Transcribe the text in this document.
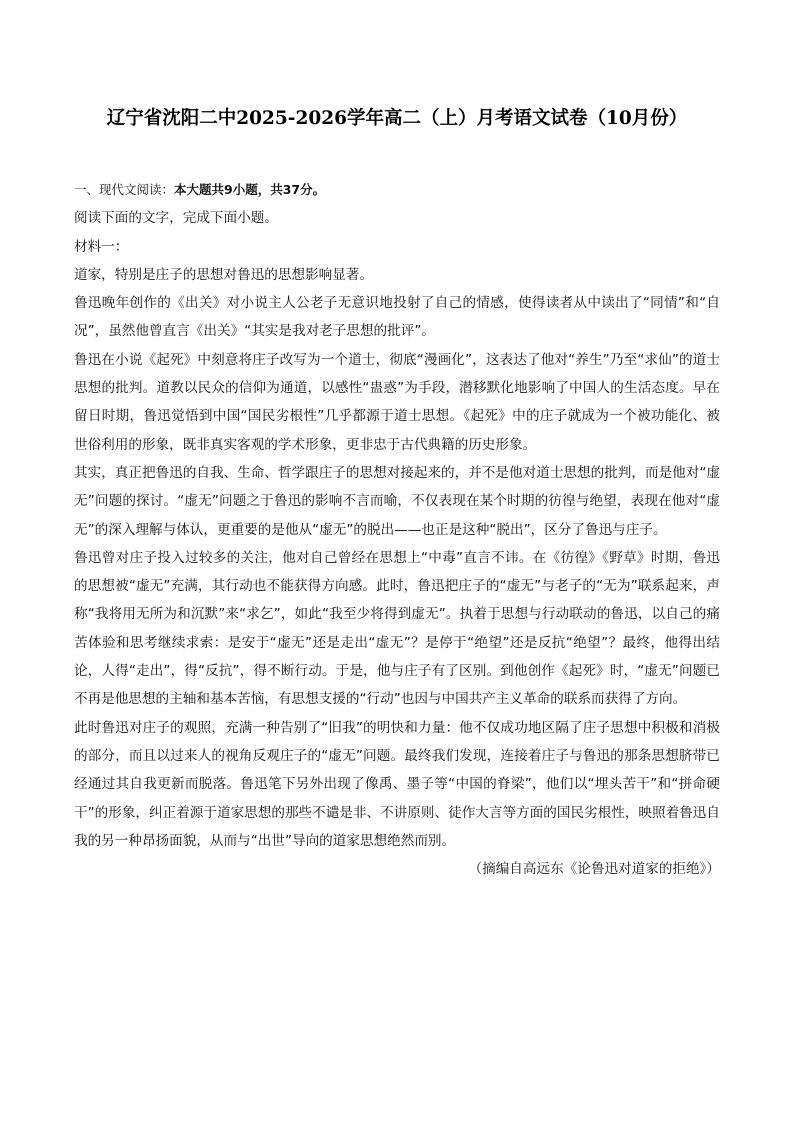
辽宁省沈阳二中2025-2026学年高二（上）月考语文试卷（10月份）

一、现代文阅读：本大题共9小题，共37分。

阅读下面的文字，完成下面小题。

材料一：

道家，特别是庄子的思想对鲁迅的思想影响显著。

鲁迅晚年创作的《出关》对小说主人公老子无意识地投射了自己的情感，使得读者从中读出了“同情”和“自况”，虽然他曾直言《出关》“其实是我对老子思想的批评”。

鲁迅在小说《起死》中刻意将庄子改写为一个道士，彻底“漫画化”，这表达了他对“养生”乃至“求仙”的道士思想的批判。道教以民众的信仰为通道，以感性“蛊惑”为手段，潜移默化地影响了中国人的生活态度。早在留日时期，鲁迅觉悟到中国“国民劣根性”几乎都源于道士思想。《起死》中的庄子就成为一个被功能化、被世俗利用的形象，既非真实客观的学术形象，更非忠于古代典籍的历史形象。

其实，真正把鲁迅的自我、生命、哲学跟庄子的思想对接起来的，并不是他对道士思想的批判，而是他对“虚无”问题的探讨。“虚无”问题之于鲁迅的影响不言而喻，不仅表现在某个时期的彷徨与绝望，表现在他对“虚无”的深入理解与体认，更重要的是他从“虚无”的脱出——也正是这种“脱出”，区分了鲁迅与庄子。

鲁迅曾对庄子投入过较多的关注，他对自己曾经在思想上“中毒”直言不讳。在《彷徨》《野草》时期，鲁迅的思想被“虚无”充满，其行动也不能获得方向感。此时，鲁迅把庄子的“虚无”与老子的“无为”联系起来，声称“我将用无所为和沉默”来“求乞”，如此“我至少将得到虚无”。执着于思想与行动联动的鲁迅，以自己的痛苦体验和思考继续求索：是安于“虚无”还是走出“虚无”？是停于“绝望”还是反抗“绝望”？最终，他得出结论，人得“走出”，得“反抗”，得不断行动。于是，他与庄子有了区别。到他创作《起死》时，“虚无”问题已不再是他思想的主轴和基本苦恼，有思想支援的“行动”也因与中国共产主义革命的联系而获得了方向。

此时鲁迅对庄子的观照，充满一种告别了“旧我”的明快和力量：他不仅成功地区隔了庄子思想中积极和消极的部分，而且以过来人的视角反观庄子的“虚无”问题。最终我们发现，连接着庄子与鲁迅的那条思想脐带已经通过其自我更新而脱落。鲁迅笔下另外出现了像禹、墨子等“中国的脊梁”，他们以“埋头苦干”和“拼命硬干”的形象，纠正着源于道家思想的那些不谴是非、不讲原则、徒作大言等方面的国民劣根性，映照着鲁迅自我的另一种昂扬面貌，从而与“出世”导向的道家思想绝然而别。

（摘编自高远东《论鲁迅对道家的拒绝》）
